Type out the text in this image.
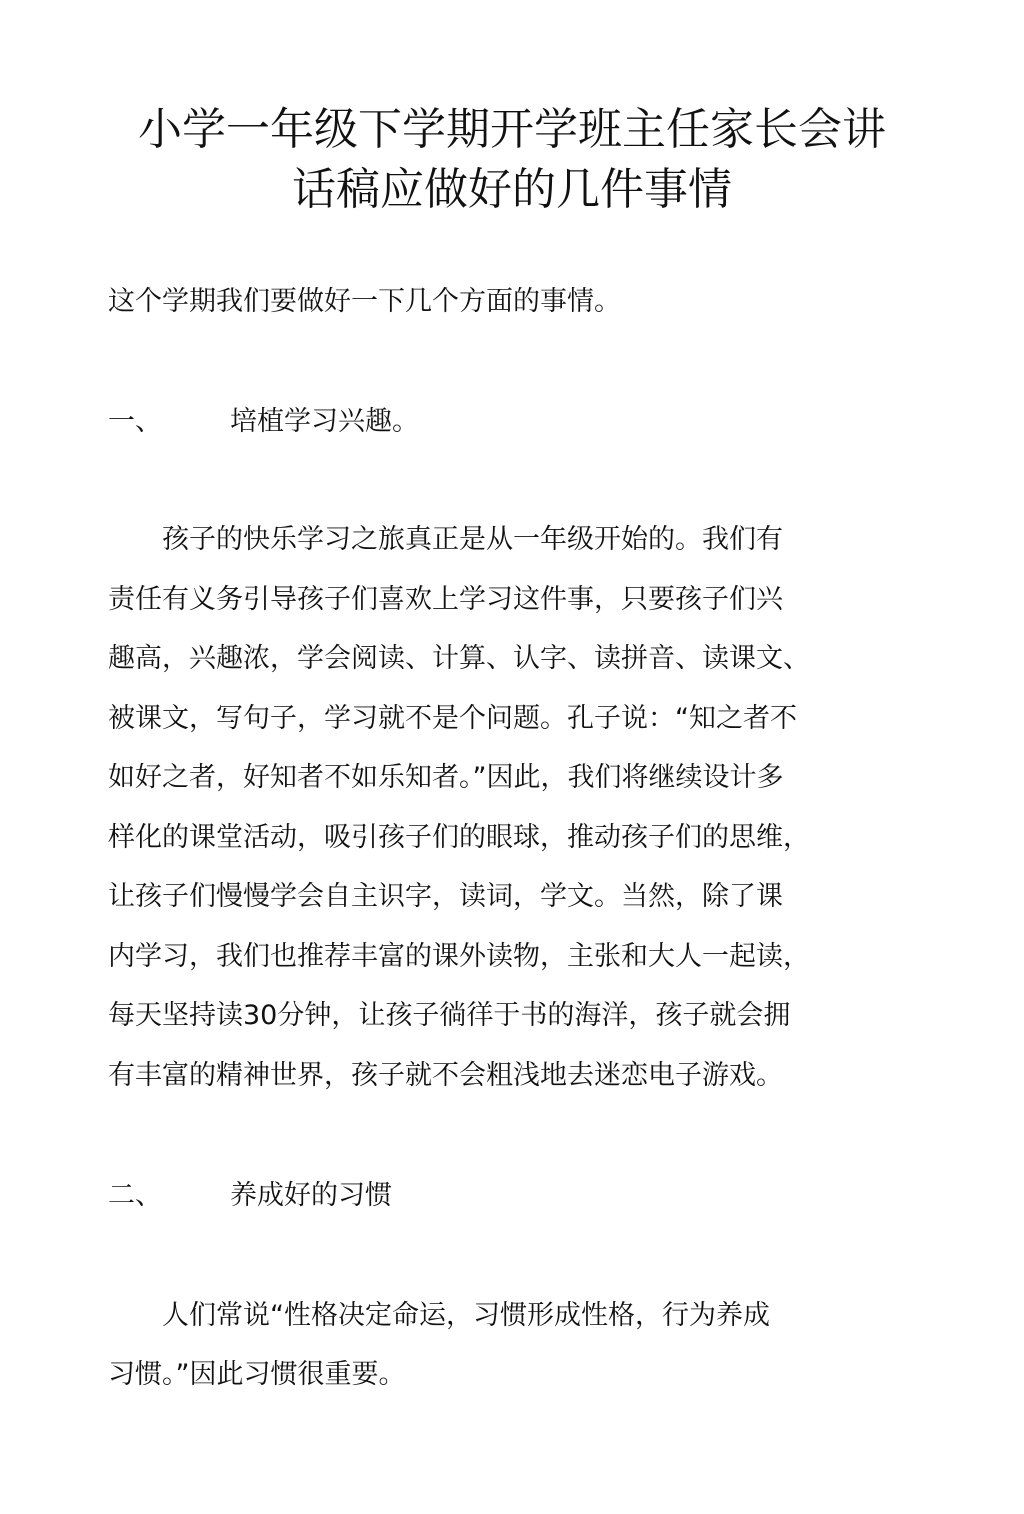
小学一年级下学期开学班主任家长会讲
话稿应做好的几件事情
这个学期我们要做好一下几个方面的事情。
一、	培植学习兴趣。
　　孩子的快乐学习之旅真正是从一年级开始的。我们有
责任有义务引导孩子们喜欢上学习这件事，只要孩子们兴
趣高，兴趣浓，学会阅读、计算、认字、读拼音、读课文、
被课文，写句子，学习就不是个问题。孔子说：“知之者不
如好之者，好知者不如乐知者。”因此，我们将继续设计多
样化的课堂活动，吸引孩子们的眼球，推动孩子们的思维，
让孩子们慢慢学会自主识字，读词，学文。当然，除了课
内学习，我们也推荐丰富的课外读物，主张和大人一起读，
每天坚持读30分钟，让孩子徜徉于书的海洋，孩子就会拥
有丰富的精神世界，孩子就不会粗浅地去迷恋电子游戏。
二、	养成好的习惯
　　人们常说“性格决定命运，习惯形成性格，行为养成
习惯。”因此习惯很重要。
